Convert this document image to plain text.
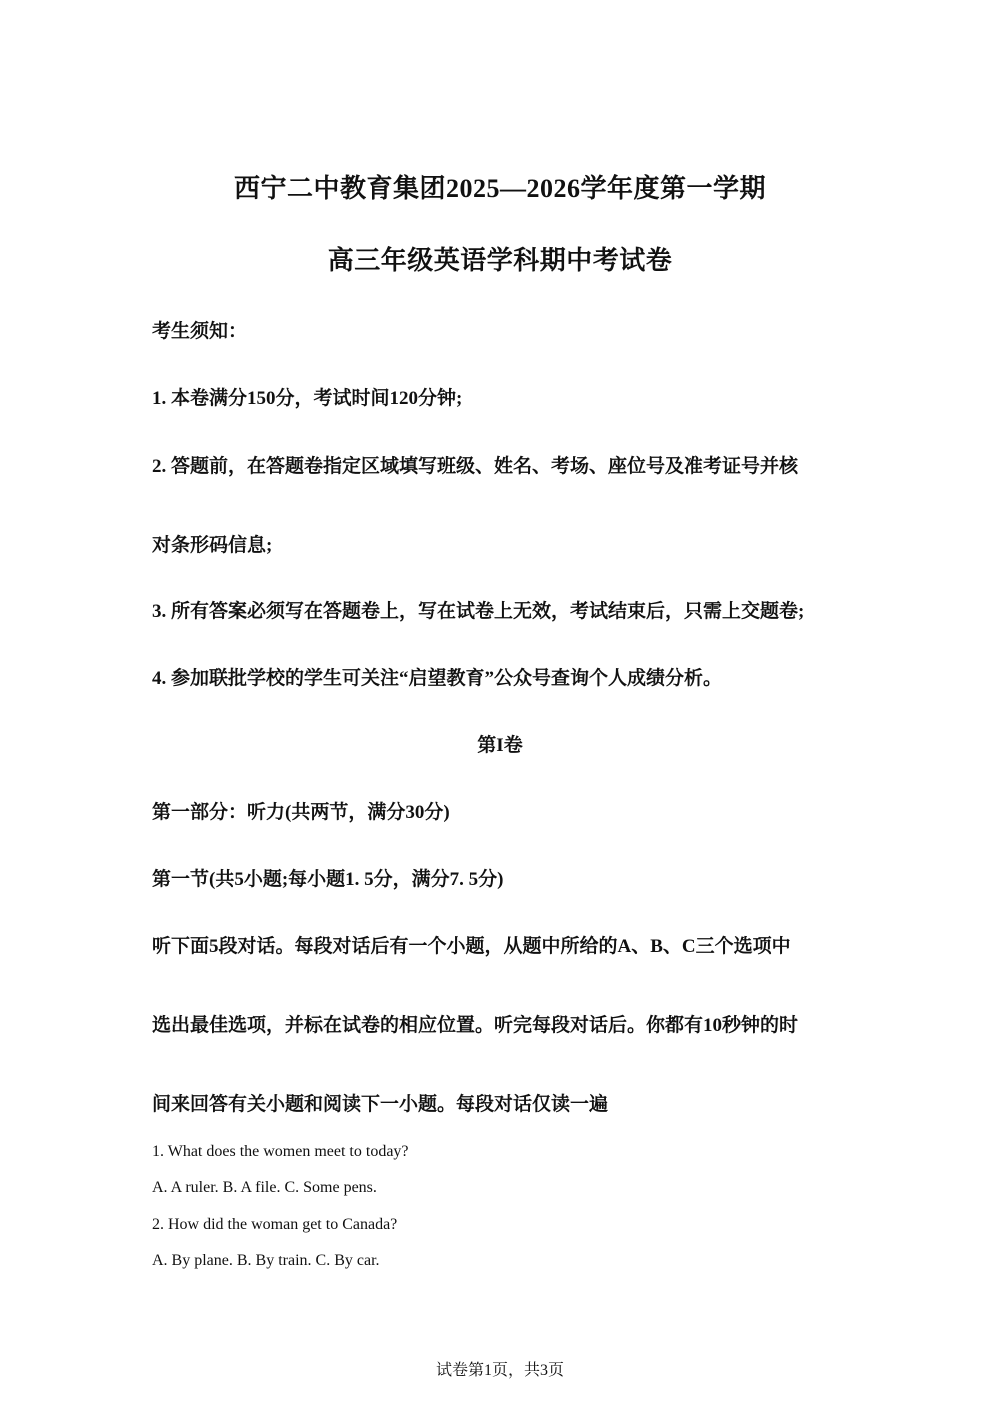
西宁二中教育集团2025—2026学年度第一学期
高三年级英语学科期中考试卷

考生须知：

1. 本卷满分150分，考试时间120分钟;

2. 答题前，在答题卷指定区域填写班级、姓名、考场、座位号及准考证号并核

对条形码信息;

3. 所有答案必须写在答题卷上，写在试卷上无效，考试结束后，只需上交题卷;

4. 参加联批学校的学生可关注“启望教育”公众号查询个人成绩分析。

第I卷

第一部分：听力(共两节，满分30分)

第一节(共5小题;每小题1. 5分，满分7. 5分)

听下面5段对话。每段对话后有一个小题，从题中所给的A、B、C三个选项中

选出最佳选项，并标在试卷的相应位置。听完每段对话后。你都有10秒钟的时

间来回答有关小题和阅读下一小题。每段对话仅读一遍

1. What does the women meet to today?

A. A ruler. B. A file. C. Some pens.

2. How did the woman get to Canada?

A. By plane. B. By train. C. By car.

试卷第1页，共3页
